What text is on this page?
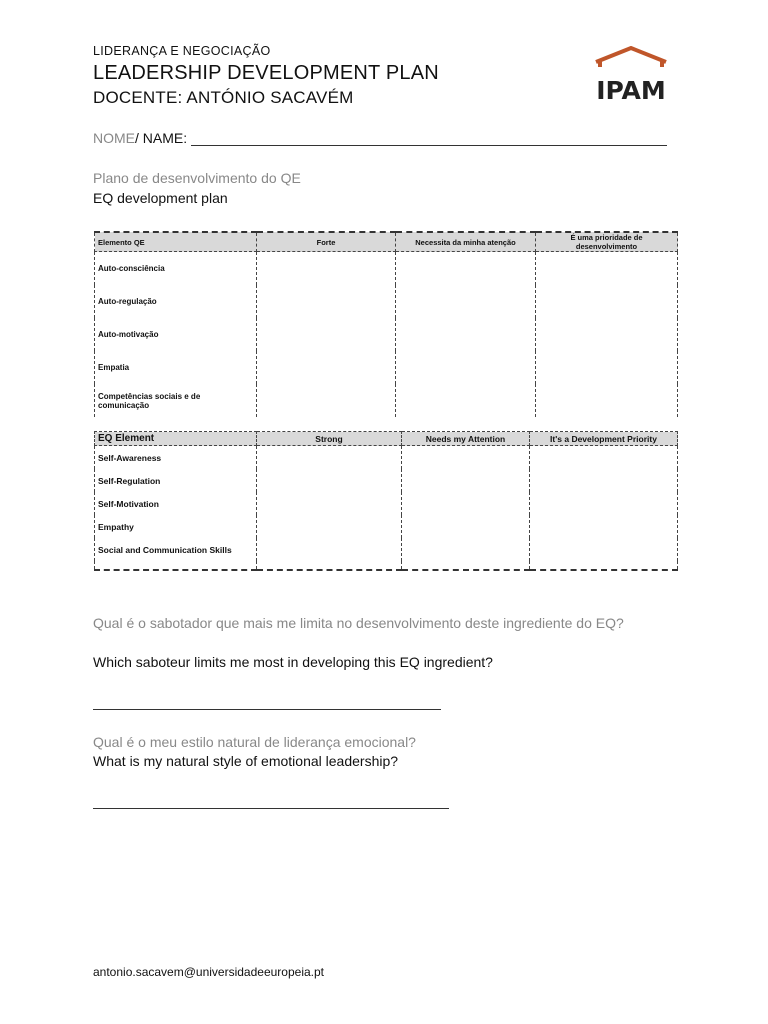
LIDERANÇA E NEGOCIAÇÃO
LEADERSHIP DEVELOPMENT PLAN
DOCENTE: ANTÓNIO SACAVÉM	IPAM
NOME / NAME:
Plano de desenvolvimento do QE
EQ development plan
Elemento QE	Forte	Necessita da minha atenção	É uma prioridade de desenvolvimento
Auto-consciência			
Auto-regulação			
Auto-motivação			
Empatia			
Competências sociais e de comunicação			
EQ Element	Strong	Needs my Attention	It's a Development Priority
Self-Awareness			
Self-Regulation			
Self-Motivation			
Empathy			
Social and Communication Skills			

Qual é o sabotador que mais me limita no desenvolvimento deste ingrediente do EQ?
Which saboteur limits me most in developing this EQ ingredient?
Qual é o meu estilo natural de liderança emocional?
What is my natural style of emotional leadership?
antonio.sacavem@universidadeeuropeia.pt
